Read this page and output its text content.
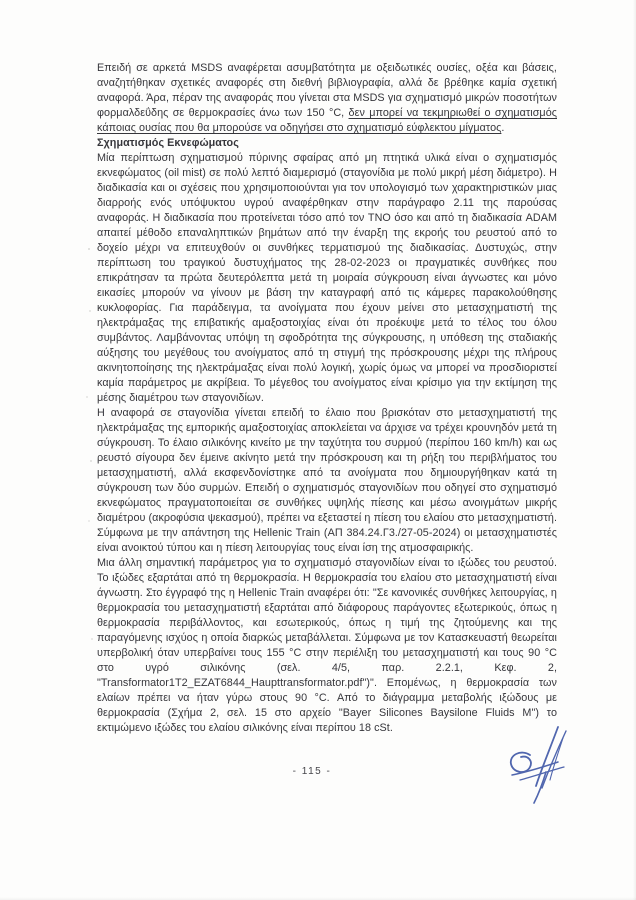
Επειδή σε αρκετά MSDS αναφέρεται ασυμβατότητα με οξειδωτικές ουσίες, οξέα και βάσεις, αναζητήθηκαν σχετικές αναφορές στη διεθνή βιβλιογραφία, αλλά δε βρέθηκε καμία σχετική αναφορά. Άρα, πέραν της αναφοράς που γίνεται στα MSDS για σχηματισμό μικρών ποσοτήτων φορμαλδεΰδης σε θερμοκρασίες άνω των 150 °C, δεν μπορεί να τεκμηριωθεί ο σχηματισμός κάποιας ουσίας που θα μπορούσε να οδηγήσει στο σχηματισμό εύφλεκτου μίγματος.

Σχηματισμός Εκνεφώματος

Μία περίπτωση σχηματισμού πύρινης σφαίρας από μη πτητικά υλικά είναι ο σχηματισμός εκνεφώματος (oil mist) σε πολύ λεπτό διαμερισμό (σταγονίδια με πολύ μικρή μέση διάμετρο). Η διαδικασία και οι σχέσεις που χρησιμοποιούνται για τον υπολογισμό των χαρακτηριστικών μιας διαρροής ενός υπόψυκτου υγρού αναφέρθηκαν στην παράγραφο 2.11 της παρούσας αναφοράς. Η διαδικασία που προτείνεται τόσο από τον TNO όσο και από τη διαδικασία ADAM απαιτεί μέθοδο επαναληπτικών βημάτων από την έναρξη της εκροής του ρευστού από το δοχείο μέχρι να επιτευχθούν οι συνθήκες τερματισμού της διαδικασίας. Δυστυχώς, στην περίπτωση του τραγικού δυστυχήματος της 28-02-2023 οι πραγματικές συνθήκες που επικράτησαν τα πρώτα δευτερόλεπτα μετά τη μοιραία σύγκρουση είναι άγνωστες και μόνο εικασίες μπορούν να γίνουν με βάση την καταγραφή από τις κάμερες παρακολούθησης κυκλοφορίας. Για παράδειγμα, τα ανοίγματα που έχουν μείνει στο μετασχηματιστή της ηλεκτράμαξας της επιβατικής αμαξοστοιχίας είναι ότι προέκυψε μετά το τέλος του όλου συμβάντος. Λαμβάνοντας υπόψη τη σφοδρότητα της σύγκρουσης, η υπόθεση της σταδιακής αύξησης του μεγέθους του ανοίγματος από τη στιγμή της πρόσκρουσης μέχρι της πλήρους ακινητοποίησης της ηλεκτράμαξας είναι πολύ λογική, χωρίς όμως να μπορεί να προσδιοριστεί καμία παράμετρος με ακρίβεια. Το μέγεθος του ανοίγματος είναι κρίσιμο για την εκτίμηση της μέσης διαμέτρου των σταγονιδίων.

Η αναφορά σε σταγονίδια γίνεται επειδή το έλαιο που βρισκόταν στο μετασχηματιστή της ηλεκτράμαξας της εμπορικής αμαξοστοιχίας αποκλείεται να άρχισε να τρέχει κρουνηδόν μετά τη σύγκρουση. Το έλαιο σιλικόνης κινείτο με την ταχύτητα του συρμού (περίπου 160 km/h) και ως ρευστό σίγουρα δεν έμεινε ακίνητο μετά την πρόσκρουση και τη ρήξη του περιβλήματος του μετασχηματιστή, αλλά εκσφενδονίστηκε από τα ανοίγματα που δημιουργήθηκαν κατά τη σύγκρουση των δύο συρμών. Επειδή ο σχηματισμός σταγονιδίων που οδηγεί στο σχηματισμό εκνεφώματος πραγματοποιείται σε συνθήκες υψηλής πίεσης και μέσω ανοιγμάτων μικρής διαμέτρου (ακροφύσια ψεκασμού), πρέπει να εξεταστεί η πίεση του ελαίου στο μετασχηματιστή. Σύμφωνα με την απάντηση της Hellenic Train (ΑΠ 384.24.Γ3./27-05-2024) οι μετασχηματιστές είναι ανοικτού τύπου και η πίεση λειτουργίας τους είναι ίση της ατμοσφαιρικής.

Μια άλλη σημαντική παράμετρος για το σχηματισμό σταγονιδίων είναι το ιξώδες του ρευστού. Το ιξώδες εξαρτάται από τη θερμοκρασία. Η θερμοκρασία του ελαίου στο μετασχηματιστή είναι άγνωστη. Στο έγγραφό της η Hellenic Train αναφέρει ότι: "Σε κανονικές συνθήκες λειτουργίας, η θερμοκρασία του μετασχηματιστή εξαρτάται από διάφορους παράγοντες εξωτερικούς, όπως η θερμοκρασία περιβάλλοντος, και εσωτερικούς, όπως η τιμή της ζητούμενης και της παραγόμενης ισχύος η οποία διαρκώς μεταβάλλεται. Σύμφωνα με τον Κατασκευαστή θεωρείται υπερβολική όταν υπερβαίνει τους 155 °C στην περιέλιξη του μετασχηματιστή και τους 90 °C στο υγρό σιλικόνης (σελ. 4/5, παρ. 2.2.1, Κεφ. 2, "Transformator1T2_EZAT6844_Haupttransformator.pdf")". Επομένως, η θερμοκρασία των ελαίων πρέπει να ήταν γύρω στους 90 °C. Από το διάγραμμα μεταβολής ιξώδους με θερμοκρασία (Σχήμα 2, σελ. 15 στο αρχείο "Bayer Silicones Baysilone Fluids M") το εκτιμώμενο ιξώδες του ελαίου σιλικόνης είναι περίπου 18 cSt.

- 115 -
